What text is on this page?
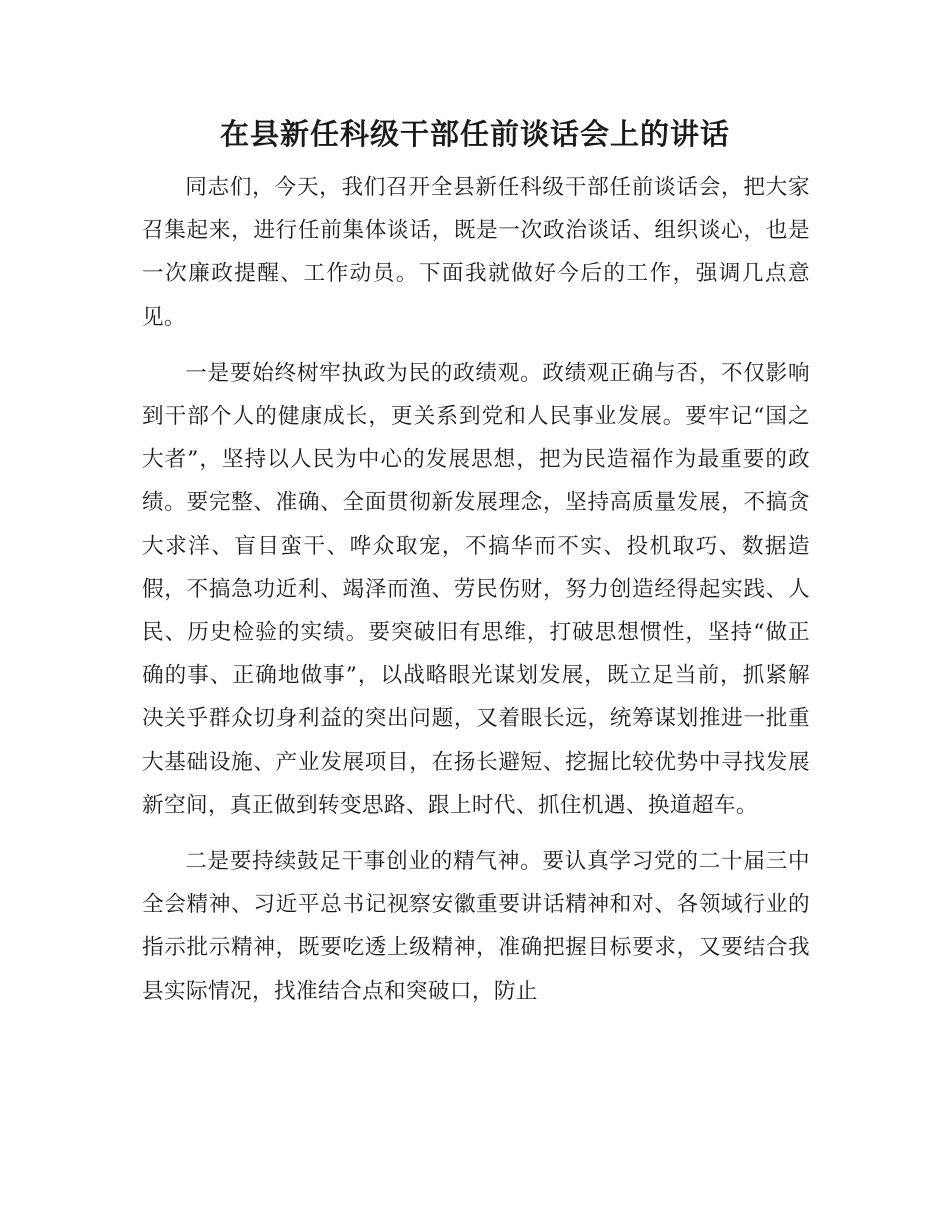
在县新任科级干部任前谈话会上的讲话

同志们，今天，我们召开全县新任科级干部任前谈话会，把大家召集起来，进行任前集体谈话，既是一次政治谈话、组织谈心，也是一次廉政提醒、工作动员。下面我就做好今后的工作，强调几点意见。

一是要始终树牢执政为民的政绩观。政绩观正确与否，不仅影响到干部个人的健康成长，更关系到党和人民事业发展。要牢记“国之大者”，坚持以人民为中心的发展思想，把为民造福作为最重要的政绩。要完整、准确、全面贯彻新发展理念，坚持高质量发展，不搞贪大求洋、盲目蛮干、哗众取宠，不搞华而不实、投机取巧、数据造假，不搞急功近利、竭泽而渔、劳民伤财，努力创造经得起实践、人民、历史检验的实绩。要突破旧有思维，打破思想惯性，坚持“做正确的事、正确地做事”，以战略眼光谋划发展，既立足当前，抓紧解决关乎群众切身利益的突出问题，又着眼长远，统筹谋划推进一批重大基础设施、产业发展项目，在扬长避短、挖掘比较优势中寻找发展新空间，真正做到转变思路、跟上时代、抓住机遇、换道超车。

二是要持续鼓足干事创业的精气神。要认真学习党的二十届三中全会精神、习近平总书记视察安徽重要讲话精神和对、各领域行业的指示批示精神，既要吃透上级精神，准确把握目标要求，又要结合我县实际情况，找准结合点和突破口，防止
